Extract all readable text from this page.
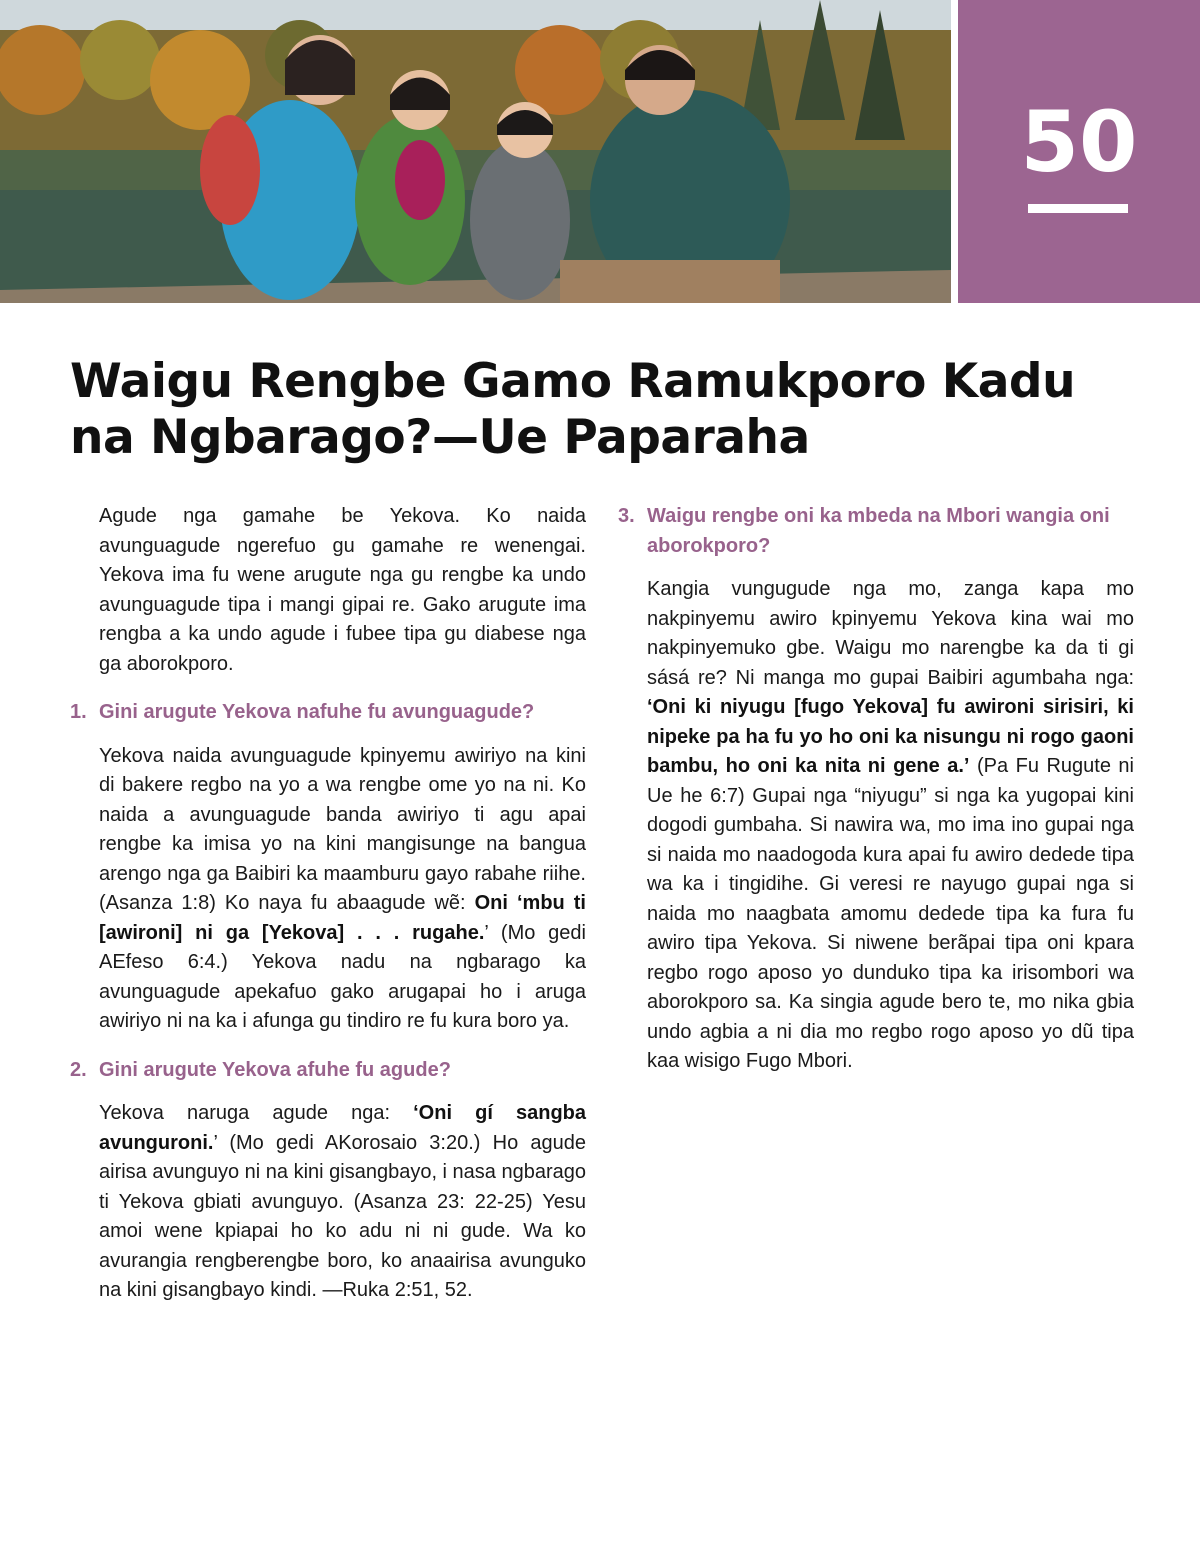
50
Waigu Rengbe Gamo Ramukporo Kadu
na Ngbarago?—Ue Paparaha

Agude nga gamahe be Yekova. Ko naida avunguagude ngerefuo gu gamahe re wenengai. Yekova ima fu wene arugute nga gu rengbe ka undo avunguagude tipa i mangi gipai re. Gako arugute ima rengba a ka undo agude i fubee tipa gu diabese nga ga aborokporo.

1. Gini arugute Yekova nafuhe fu avunguagude?

Yekova naida avunguagude kpinyemu awiriyo na kini di bakere regbo na yo a wa rengbe ome yo na ni. Ko naida a avunguagude banda awiriyo ti agu apai rengbe ka imisa yo na kini mangisunge na bangua arengo nga ga Baibiri ka maamburu gayo rabahe riihe. (Asanza 1:8) Ko naya fu abaagude wẽ: Oni ‘mbu ti [awironi] ni ga [Yekova] . . . rugahe.’ (Mo gedi AEfeso 6:4.) Yekova nadu na ngbarago ka avunguagude apekafuo gako arugapai ho i aruga awiriyo ni na ka i afunga gu tindiro re fu kura boro ya.

2. Gini arugute Yekova afuhe fu agude?

Yekova naruga agude nga: ‘Oni gí sangba avunguroni.’ (Mo gedi AKorosaio 3:20.) Ho agude airisa avunguyo ni na kini gisangbayo, i nasa ngbarago ti Yekova gbiati avunguyo. (Asanza 23: 22-25) Yesu amoi wene kpiapai ho ko adu ni ni gude. Wa ko avurangia rengberengbe boro, ko anaairisa avunguko na kini gisangbayo kindi. —Ruka 2:51, 52.

3. Waigu rengbe oni ka mbeda na Mbori wangia oni aborokporo?

Kangia vungugude nga mo, zanga kapa mo nakpinyemu awiro kpinyemu Yekova kina wai mo nakpinyemuko gbe. Waigu mo narengbe ka da ti gi sásá re? Ni manga mo gupai Baibiri agumbaha nga: ‘Oni ki niyugu [fugo Yekova] fu awironi sirisiri, ki nipeke pa ha fu yo ho oni ka nisungu ni rogo gaoni bambu, ho oni ka nita ni gene a.’ (Pa Fu Rugute ni Ue he 6:7) Gupai nga “niyugu” si nga ka yugopai kini dogodi gumbaha. Si nawira wa, mo ima ino gupai nga si naida mo naadogoda kura apai fu awiro dedede tipa wa ka i tingidihe. Gi veresi re nayugo gupai nga si naida mo naagbata amomu dedede tipa ka fura fu awiro tipa Yekova. Si niwene berãpai tipa oni kpara regbo rogo aposo yo dunduko tipa ka irisombori wa aborokporo sa. Ka singia agude bero te, mo nika gbia undo agbia a ni dia mo regbo rogo aposo yo dũ tipa kaa wisigo Fugo Mbori.
